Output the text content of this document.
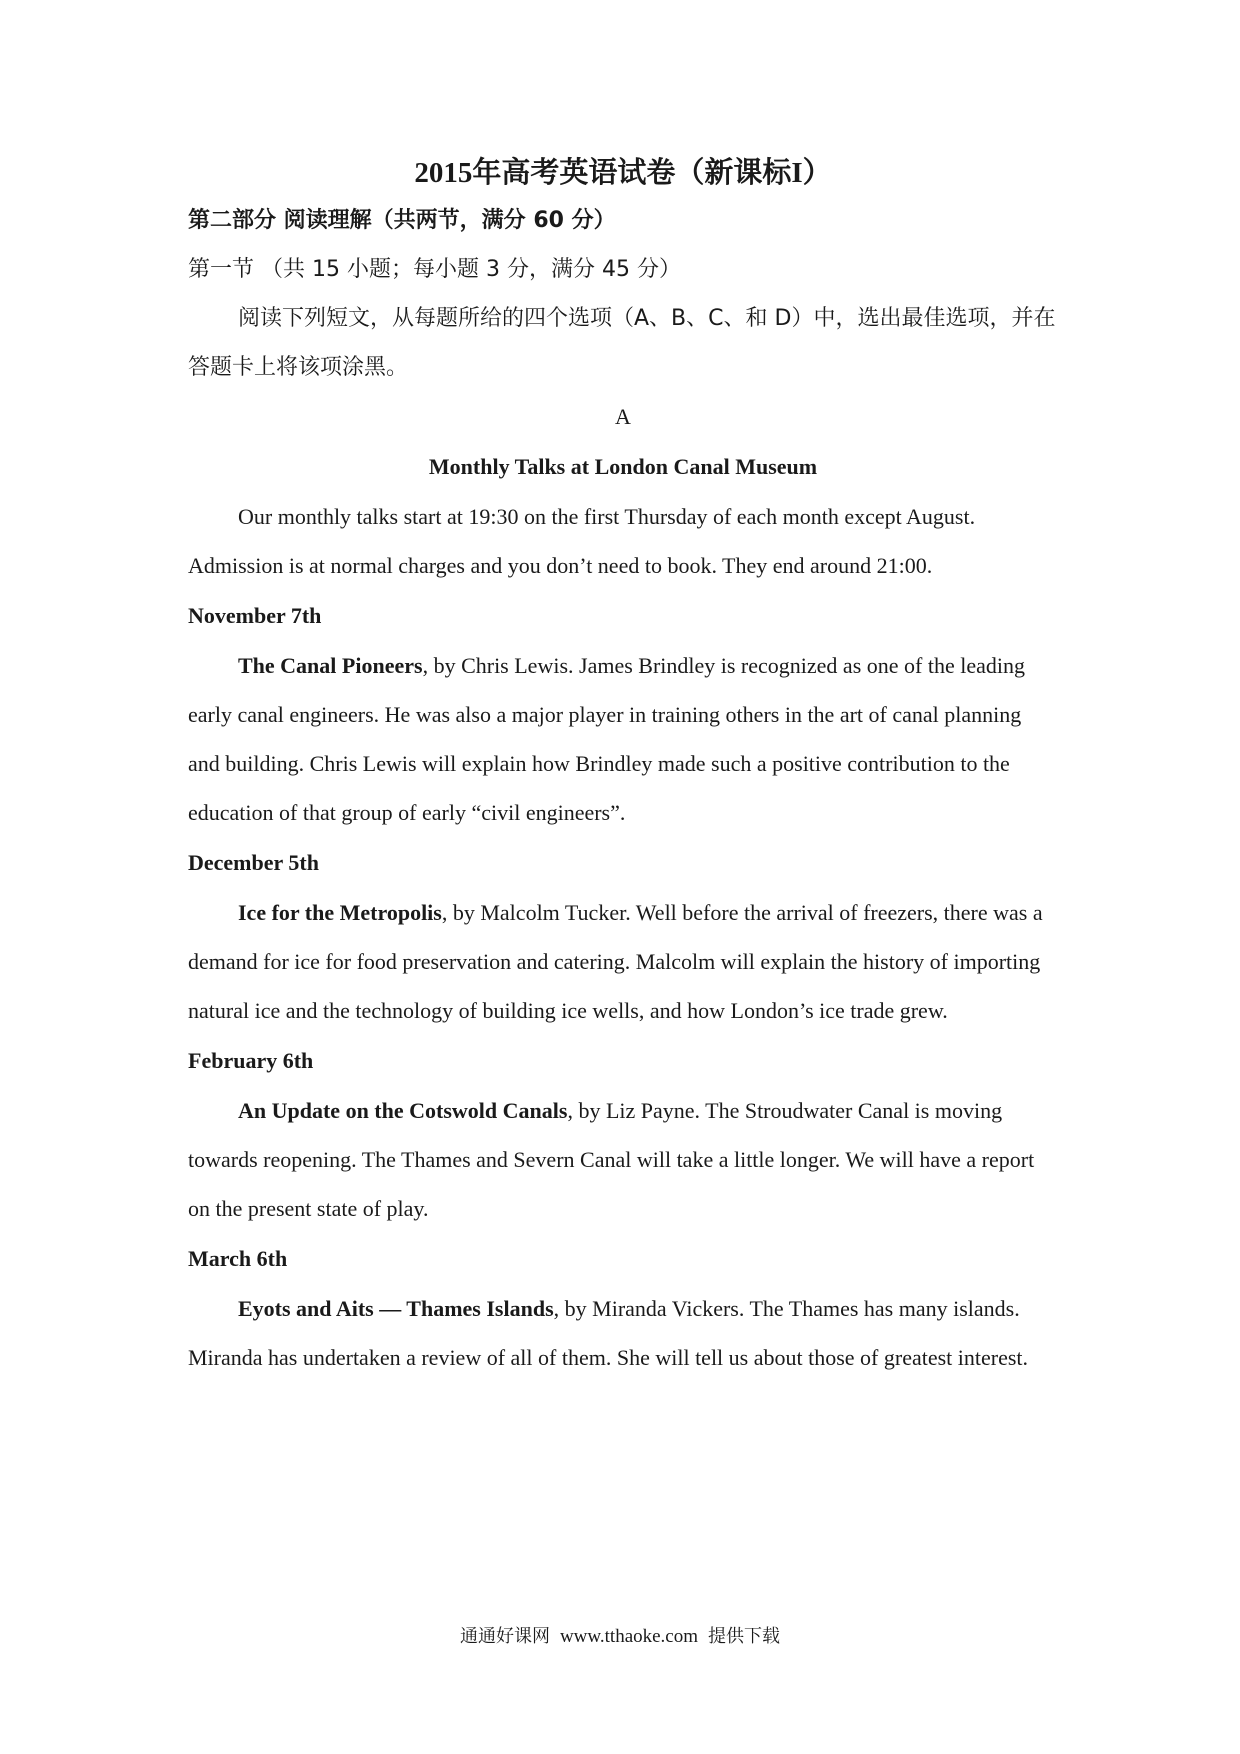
2015年高考英语试卷（新课标I）

第二部分 阅读理解（共两节，满分 60 分）

第一节 （共 15 小题；每小题 3 分，满分 45 分）

阅读下列短文，从每题所给的四个选项（A、B、C、和 D）中，选出最佳选项，并在答题卡上将该项涂黑。

A

Monthly Talks at London Canal Museum

Our monthly talks start at 19:30 on the first Thursday of each month except August. Admission is at normal charges and you don’t need to book. They end around 21:00.

November 7th

The Canal Pioneers, by Chris Lewis. James Brindley is recognized as one of the leading early canal engineers. He was also a major player in training others in the art of canal planning and building. Chris Lewis will explain how Brindley made such a positive contribution to the education of that group of early “civil engineers”.

December 5th

Ice for the Metropolis, by Malcolm Tucker. Well before the arrival of freezers, there was a demand for ice for food preservation and catering. Malcolm will explain the history of importing natural ice and the technology of building ice wells, and how London’s ice trade grew.

February 6th

An Update on the Cotswold Canals, by Liz Payne. The Stroudwater Canal is moving towards reopening. The Thames and Severn Canal will take a little longer. We will have a report on the present state of play.

March 6th

Eyots and Aits — Thames Islands, by Miranda Vickers. The Thames has many islands. Miranda has undertaken a review of all of them. She will tell us about those of greatest interest.

通通好课网 www.tthaoke.com 提供下载
